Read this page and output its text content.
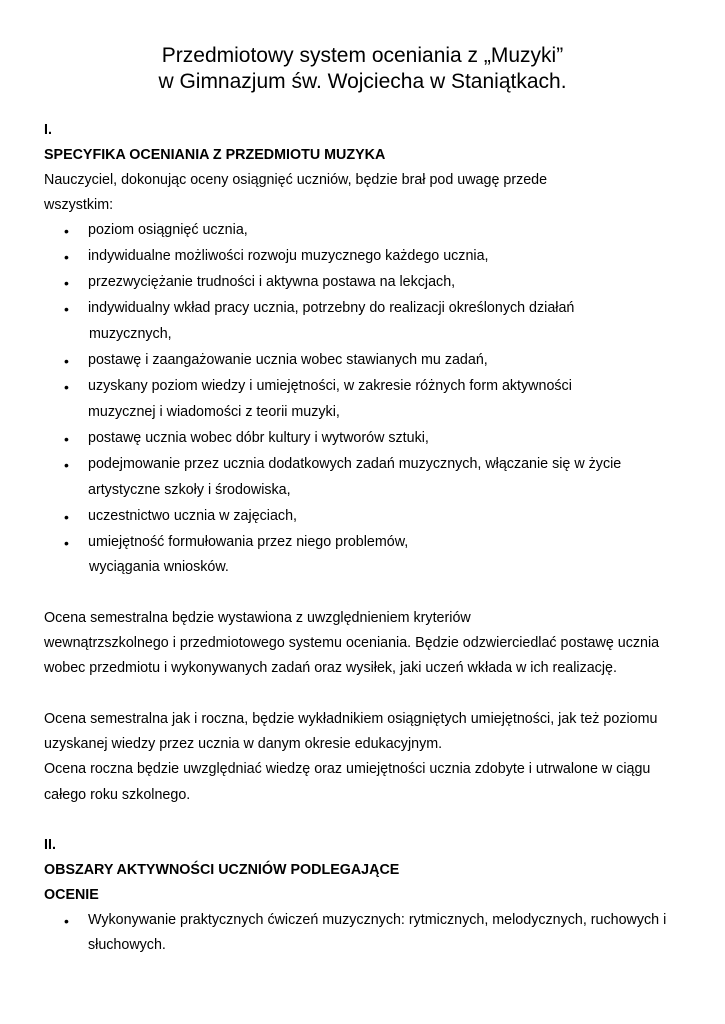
Przedmiotowy system oceniania z „Muzyki”
w Gimnazjum św. Wojciecha w Staniątkach.
I.
SPECYFIKA OCENIANIA Z PRZEDMIOTU MUZYKA
Nauczyciel, dokonując oceny osiągnięć uczniów, będzie brał pod uwagę przede
wszystkim:
• poziom osiągnięć ucznia,
• indywidualne możliwości rozwoju muzycznego każdego ucznia,
• przezwyciężanie trudności i aktywna postawa na lekcjach,
• indywidualny wkład pracy ucznia, potrzebny do realizacji określonych działań
muzycznych,
• postawę i zaangażowanie ucznia wobec stawianych mu zadań,
• uzyskany poziom wiedzy i umiejętności, w zakresie różnych form aktywności
muzycznej i wiadomości z teorii muzyki,
• postawę ucznia wobec dóbr kultury i wytworów sztuki,
• podejmowanie przez ucznia dodatkowych zadań muzycznych, włączanie się w życie
artystyczne szkoły i środowiska,
• uczestnictwo ucznia w zajęciach,
• umiejętność formułowania przez niego problemów,
wyciągania wniosków.
Ocena semestralna będzie wystawiona z uwzględnieniem kryteriów
wewnątrzszkolnego i przedmiotowego systemu oceniania. Będzie odzwierciedlać postawę ucznia
wobec przedmiotu i wykonywanych zadań oraz wysiłek, jaki uczeń wkłada w ich realizację.
Ocena semestralna jak i roczna, będzie wykładnikiem osiągniętych umiejętności, jak też poziomu
uzyskanej wiedzy przez ucznia w danym okresie edukacyjnym.
Ocena roczna będzie uwzględniać wiedzę oraz umiejętności ucznia zdobyte i utrwalone w ciągu
całego roku szkolnego.
II.
OBSZARY AKTYWNOŚCI UCZNIÓW PODLEGAJĄCE
OCENIE
• Wykonywanie praktycznych ćwiczeń muzycznych: rytmicznych, melodycznych, ruchowych i
słuchowych.
